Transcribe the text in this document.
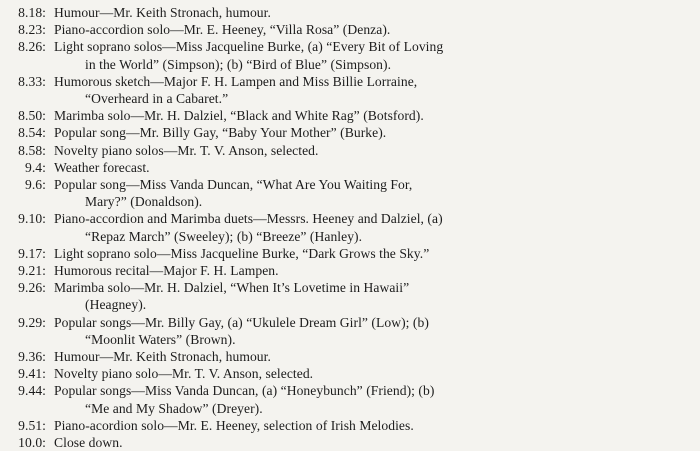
8.18: Humour—Mr. Keith Stronach, humour.
8.23: Piano-accordion solo—Mr. E. Heeney, “Villa Rosa” (Denza).
8.26: Light soprano solos—Miss Jacqueline Burke, (a) “Every Bit of Loving
in the World” (Simpson); (b) “Bird of Blue” (Simpson).
8.33: Humorous sketch—Major F. H. Lampen and Miss Billie Lorraine,
“Overheard in a Cabaret.”
8.50: Marimba solo—Mr. H. Dalziel, “Black and White Rag” (Botsford).
8.54: Popular song—Mr. Billy Gay, “Baby Your Mother” (Burke).
8.58: Novelty piano solos—Mr. T. V. Anson, selected.
9.4: Weather forecast.
9.6: Popular song—Miss Vanda Duncan, “What Are You Waiting For,
Mary?” (Donaldson).
9.10: Piano-accordion and Marimba duets—Messrs. Heeney and Dalziel, (a)
“Repaz March” (Sweeley); (b) “Breeze” (Hanley).
9.17: Light soprano solo—Miss Jacqueline Burke, “Dark Grows the Sky.”
9.21: Humorous recital—Major F. H. Lampen.
9.26: Marimba solo—Mr. H. Dalziel, “When It’s Lovetime in Hawaii”
(Heagney).
9.29: Popular songs—Mr. Billy Gay, (a) “Ukulele Dream Girl” (Low); (b)
“Moonlit Waters” (Brown).
9.36: Humour—Mr. Keith Stronach, humour.
9.41: Novelty piano solo—Mr. T. V. Anson, selected.
9.44: Popular songs—Miss Vanda Duncan, (a) “Honeybunch” (Friend); (b)
“Me and My Shadow” (Dreyer).
9.51: Piano-acordion solo—Mr. E. Heeney, selection of Irish Melodies.
10.0: Close down.
